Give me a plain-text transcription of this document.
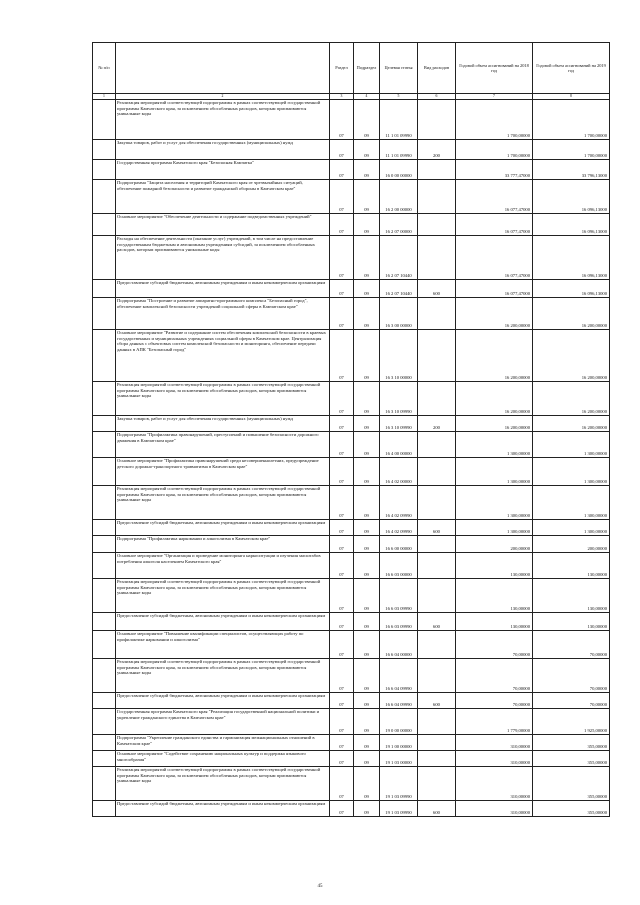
№ п/п		Раздел	Подраздел	Целевая статья	Вид расходов	Годовой объем ассигнований на 2018 год	Годовой объем ассигнований на 2019 год
1	2	3	4	5	6	7	8
	Реализация мероприятий соответствующей подпрограммы в рамках соответствующей государственной программы Камчатского края, за исключением обособленных расходов, которым присваиваются уникальные коды	07	09	11 1 01 09990		1 700,00000	1 700,00000
	Закупка товаров, работ и услуг для обеспечения государственных (муниципальных) нужд	07	09	11 1 01 09990	200	1 700,00000	1 700,00000
	Государственная программа Камчатского края "Безопасная Камчатка"	07	09	16 0 00 00000		33 777,47000	33 796,13000
	Подпрограмма "Защита населения и территорий Камчатского края от чрезвычайных ситуаций, обеспечение пожарной безопасности и развитие гражданской обороны в Камчатском крае"	07	09	16 2 00 00000		16 077,47000	16 096,13000
	Основное мероприятие "Обеспечение деятельности и содержание подведомственных учреждений"	07	09	16 2 07 00000		16 077,47000	16 096,13000
	Расходы на обеспечение деятельности (оказание услуг) учреждений, в том числе на предоставление государственным бюджетным и автономным учреждениям субсидий, за исключением обособленных расходов, которым присваиваются уникальные коды	07	09	16 2 07 10440		16 077,47000	16 096,13000
	Предоставление субсидий бюджетным, автономным учреждениям и иным некоммерческим организациям	07	09	16 2 07 10440	600	16 077,47000	16 096,13000
	Подпрограмма "Построение и развитие аппаратно-программного комплекса "Безопасный город", обеспечение комплексной безопасности учреждений социальной сферы в Камчатском крае"	07	09	16 3 00 00000		16 200,00000	16 200,00000
	Основное мероприятие "Развитие и содержание систем обеспечения комплексной безопасности в краевых государственных и муниципальных учреждениях социальной сферы в Камчатском крае. Централизация сбора данных с объектовых систем комплексной безопасности и мониторинга, обеспечение передачи данных в АПК "Безопасный город"	07	09	16 3 10 00000		16 200,00000	16 200,00000
	Реализация мероприятий соответствующей подпрограммы в рамках соответствующей государственной программы Камчатского края, за исключением обособленных расходов, которым присваиваются уникальные коды	07	09	16 3 10 09990		16 200,00000	16 200,00000
	Закупка товаров, работ и услуг для обеспечения государственных (муниципальных) нужд	07	09	16 3 10 09990	200	16 200,00000	16 200,00000
	Подпрограмма "Профилактика правонарушений, преступлений и повышение безопасности дорожного движения в Камчатском крае"	07	09	16 4 00 00000		1 300,00000	1 300,00000
	Основное мероприятие "Профилактика правонарушений среди несовершеннолетних, предупреждение детского дорожно-транспортного травматизма в Камчатском крае"	07	09	16 4 02 00000		1 300,00000	1 300,00000
	Реализация мероприятий соответствующей подпрограммы в рамках соответствующей государственной программы Камчатского края, за исключением обособленных расходов, которым присваиваются уникальные коды	07	09	16 4 02 09990		1 300,00000	1 300,00000
	Предоставление субсидий бюджетным, автономным учреждениям и иным некоммерческим организациям	07	09	16 4 02 09990	600	1 300,00000	1 300,00000
	Подпрограмма "Профилактика наркомании и алкоголизма в Камчатском крае"	07	09	16 6 00 00000		200,00000	200,00000
	Основное мероприятие "Организация и проведение мониторинга наркоситуации и изучения масштабов потребления алкоголя населением Камчатского края"	07	09	16 6 03 00000		130,00000	130,00000
	Реализация мероприятий соответствующей подпрограммы в рамках соответствующей государственной программы Камчатского края, за исключением обособленных расходов, которым присваиваются уникальные коды	07	09	16 6 03 09990		130,00000	130,00000
	Предоставление субсидий бюджетным, автономным учреждениям и иным некоммерческим организациям	07	09	16 6 03 09990	600	130,00000	130,00000
	Основное мероприятие "Повышение квалификации специалистов, осуществляющих работу по профилактике наркомании и алкоголизма"	07	09	16 6 04 00000		70,00000	70,00000
	Реализация мероприятий соответствующей подпрограммы в рамках соответствующей государственной программы Камчатского края, за исключением обособленных расходов, которым присваиваются уникальные коды	07	09	16 6 04 09990		70,00000	70,00000
	Предоставление субсидий бюджетным, автономным учреждениям и иным некоммерческим организациям	07	09	16 6 04 09990	600	70,00000	70,00000
	Государственная программа Камчатского края "Реализация государственной национальной политики и укрепление гражданского единства в Камчатском крае"	07	09	19 0 00 00000		1 779,00000	1 925,00000
	Подпрограмма "Укрепление гражданского единства и гармонизация межнациональных отношений в Камчатском крае"	07	09	19 1 00 00000		310,00000	355,00000
	Основное мероприятие "Содействие сохранению национальных культур и поддержка языкового многообразия"	07	09	19 1 03 00000		310,00000	355,00000
	Реализация мероприятий соответствующей подпрограммы в рамках соответствующей государственной программы Камчатского края, за исключением обособленных расходов, которым присваиваются уникальные коды	07	09	19 1 03 09990		310,00000	355,00000
	Предоставление субсидий бюджетным, автономным учреждениям и иным некоммерческим организациям	07	09	19 1 03 09990	600	310,00000	355,00000
45
